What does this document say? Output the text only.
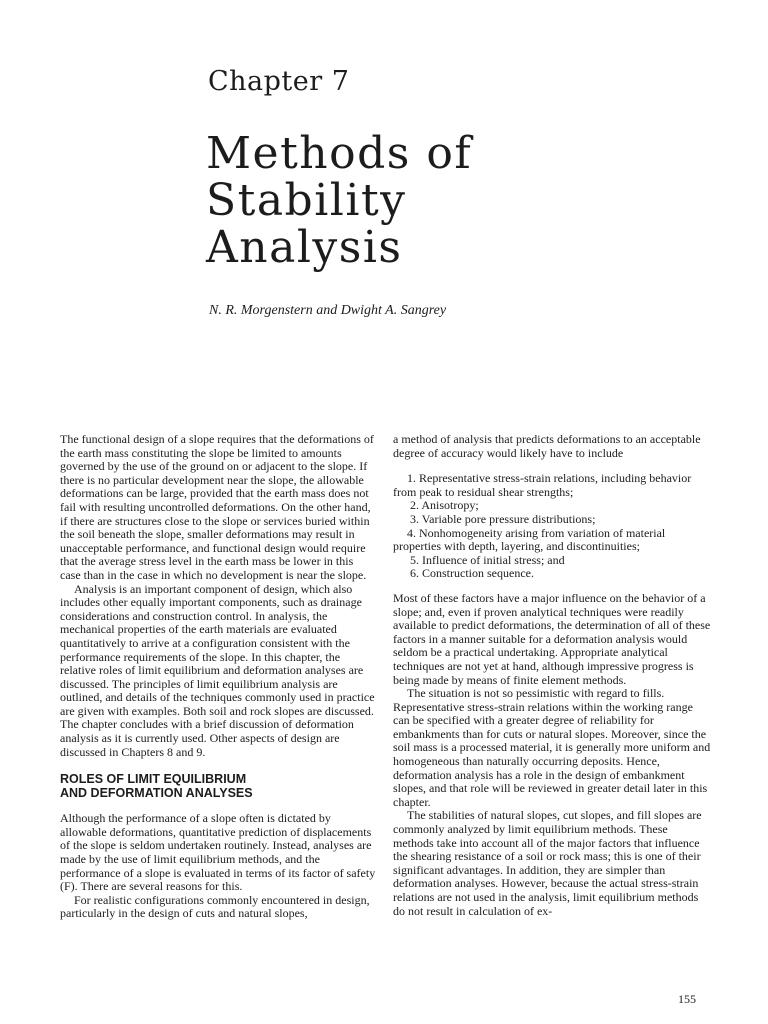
Chapter 7
Methods of
Stability
Analysis
N. R. Morgenstern and Dwight A. Sangrey

The functional design of a slope requires that the deformations of the earth mass constituting the slope be limited to amounts governed by the use of the ground on or adjacent to the slope. If there is no particular development near the slope, the allowable deformations can be large, provided that the earth mass does not fail with resulting uncontrolled deformations. On the other hand, if there are structures close to the slope or services buried within the soil beneath the slope, smaller deformations may result in unacceptable performance, and functional design would require that the average stress level in the earth mass be lower in this case than in the case in which no development is near the slope.

Analysis is an important component of design, which also includes other equally important components, such as drainage considerations and construction control. In analysis, the mechanical properties of the earth materials are evaluated quantitatively to arrive at a configuration consistent with the performance requirements of the slope. In this chapter, the relative roles of limit equilibrium and deformation analyses are discussed. The principles of limit equilibrium analysis are outlined, and details of the techniques commonly used in practice are given with examples. Both soil and rock slopes are discussed. The chapter concludes with a brief discussion of deformation analysis as it is currently used. Other aspects of design are discussed in Chapters 8 and 9.

ROLES OF LIMIT EQUILIBRIUM
AND DEFORMATION ANALYSES

Although the performance of a slope often is dictated by allowable deformations, quantitative prediction of displacements of the slope is seldom undertaken routinely. Instead, analyses are made by the use of limit equilibrium methods, and the performance of a slope is evaluated in terms of its factor of safety (F). There are several reasons for this.

For realistic configurations commonly encountered in design, particularly in the design of cuts and natural slopes,

a method of analysis that predicts deformations to an acceptable degree of accuracy would likely have to include

1. Representative stress-strain relations, including behavior from peak to residual shear strengths;
2. Anisotropy;
3. Variable pore pressure distributions;
4. Nonhomogeneity arising from variation of material properties with depth, layering, and discontinuities;
5. Influence of initial stress; and
6. Construction sequence.

Most of these factors have a major influence on the behavior of a slope; and, even if proven analytical techniques were readily available to predict deformations, the determination of all of these factors in a manner suitable for a deformation analysis would seldom be a practical undertaking. Appropriate analytical techniques are not yet at hand, although impressive progress is being made by means of finite element methods.

The situation is not so pessimistic with regard to fills. Representative stress-strain relations within the working range can be specified with a greater degree of reliability for embankments than for cuts or natural slopes. Moreover, since the soil mass is a processed material, it is generally more uniform and homogeneous than naturally occurring deposits. Hence, deformation analysis has a role in the design of embankment slopes, and that role will be reviewed in greater detail later in this chapter.

The stabilities of natural slopes, cut slopes, and fill slopes are commonly analyzed by limit equilibrium methods. These methods take into account all of the major factors that influence the shearing resistance of a soil or rock mass; this is one of their significant advantages. In addition, they are simpler than deformation analyses. However, because the actual stress-strain relations are not used in the analysis, limit equilibrium methods do not result in calculation of ex-

155
